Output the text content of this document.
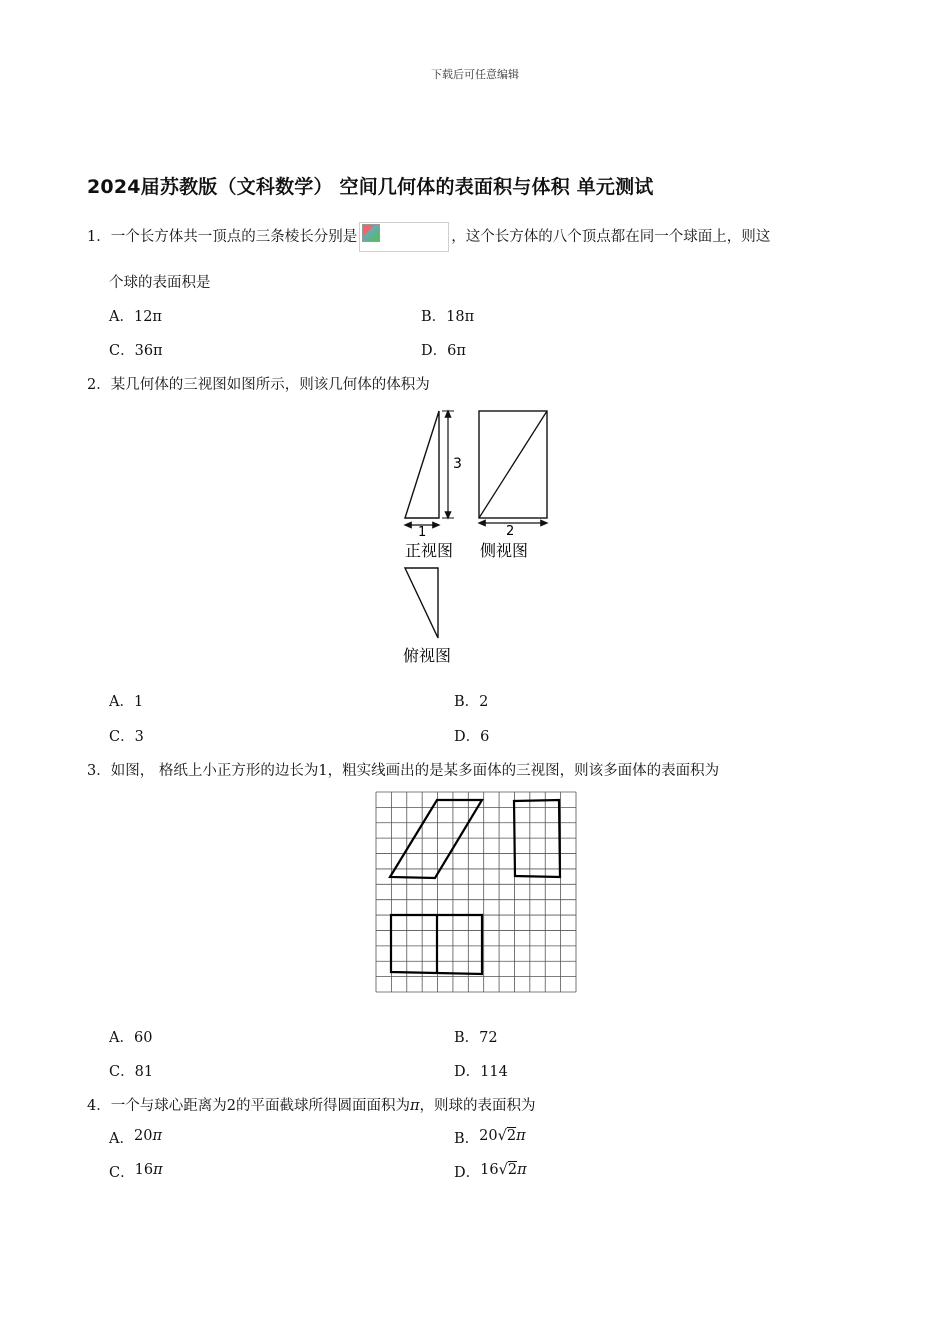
下载后可任意编辑
2024届苏教版（文科数学） 空间几何体的表面积与体积 单元测试
1．一个长方体共一顶点的三条棱长分别是	，这个长方体的八个顶点都在同一个球面上，则这
个球的表面积是
A．12π	B．18π
C．36π	D．6π
2．某几何体的三视图如图所示，则该几何体的体积为
3
1
正视图
2
侧视图
俯视图
A．1	B．2
C．3	D．6
3．如图， 格纸上小正方形的边长为1，粗实线画出的是某多面体的三视图，则该多面体的表面积为
A．60	B．72
C．81	D．114
4．一个与球心距离为2的平面截球所得圆面面积为π，则球的表面积为
A．20π	B．20√2π
C．16π	D．16√2π
